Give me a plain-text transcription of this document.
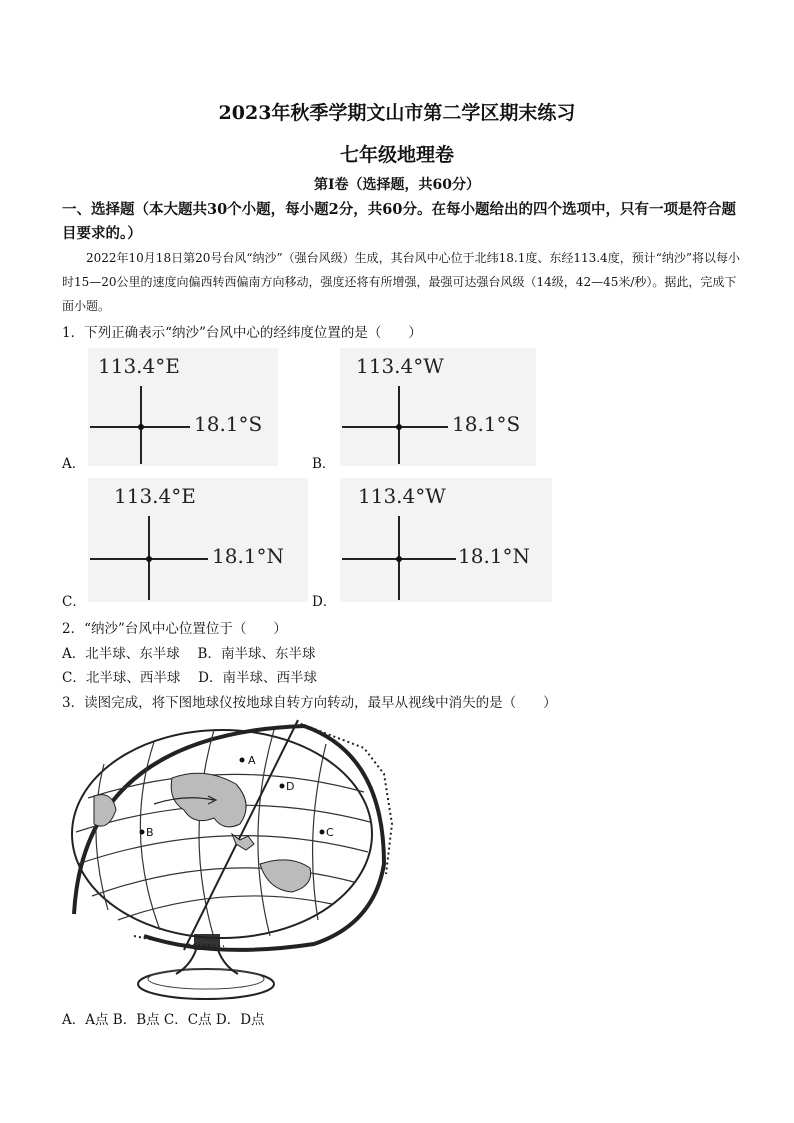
2023年秋季学期文山市第二学区期末练习
七年级地理卷
第Ⅰ卷（选择题，共60分）
一、选择题（本大题共30个小题，每小题2分，共60分。在每小题给出的四个选项中，只有一项是符合题目要求的。）
2022年10月18日第20号台风“纳沙”（强台风级）生成，其台风中心位于北纬18.1度、东经113.4度，预计“纳沙”将以每小时15—20公里的速度向偏西转西偏南方向移动，强度还将有所增强，最强可达强台风级（14级，42—45米/秒）。据此，完成下面小题。
1．下列正确表示“纳沙”台风中心的经纬度位置的是（　　）
A．
113.4°E
18.1°S
B．
113.4°W
18.1°S
C．
113.4°E
18.1°N
D．
113.4°W
18.1°N
2．“纳沙”台风中心位置位于（　　）
A．北半球、东半球　 B．南半球、东半球
C．北半球、西半球　 D．南半球、西半球
3．读图完成，将下图地球仪按地球自转方向转动，最早从视线中消失的是（　　）
A
B	C
D
A．A点 B．B点 C．C点 D．D点
